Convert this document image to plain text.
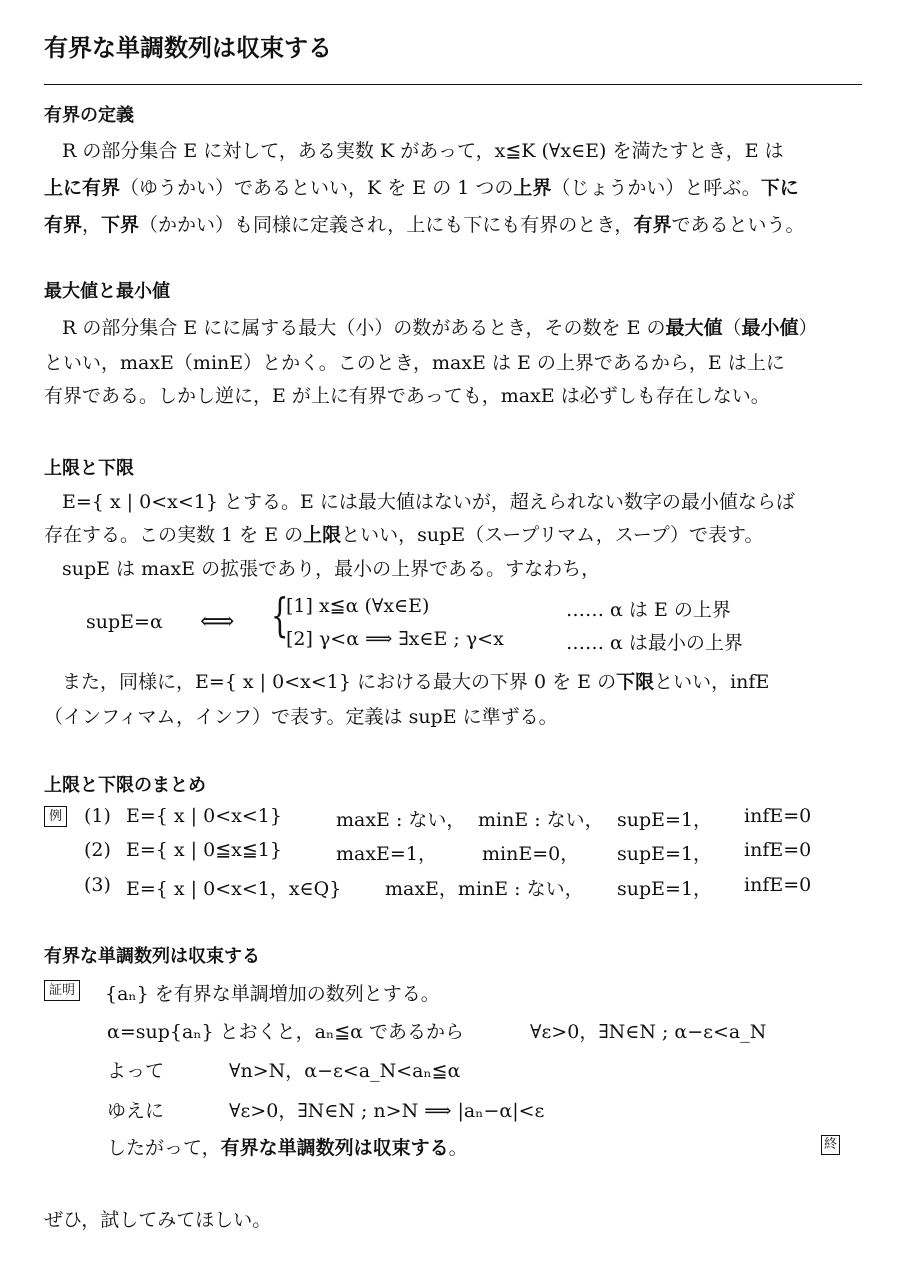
有界な単調数列は収束する
有界の定義
R の部分集合 E に対して，ある実数 K があって，x≦K (∀x∈E) を満たすとき，E は
上に有界（ゆうかい）であるといい，K を E の 1 つの上界（じょうかい）と呼ぶ。下に
有界，下界（かかい）も同様に定義され，上にも下にも有界のとき，有界であるという。
最大値と最小値
R の部分集合 E にに属する最大（小）の数があるとき，その数を E の最大値（最小値）
といい，maxE（minE）とかく。このとき，maxE は E の上界であるから，E は上に
有界である。しかし逆に，E が上に有界であっても，maxE は必ずしも存在しない。
上限と下限
E={ x | 0<x<1} とする。E には最大値はないが，超えられない数字の最小値ならば
存在する。この実数 1 を E の上限といい，supE（スープリマム，スープ）で表す。
supE は maxE の拡張であり，最小の上界である。すなわち，
supE=α ⟺ {
[1] x≦α (∀x∈E)	…… α は E の上界
[2] γ<α ⟹ ∃x∈E ; γ<x	…… α は最小の上界
また，同様に，E={ x | 0<x<1} における最大の下界 0 を E の下限といい，infE
（インフィマム，インフ）で表す。定義は supE に準ずる。
上限と下限のまとめ
例 (1) E={ x | 0<x<1}	maxE : ない， minE : ない， supE=1， infE=0
(2) E={ x | 0≦x≦1}	maxE=1， minE=0， supE=1， infE=0
(3) E={ x | 0<x<1，x∈Q} maxE，minE : ない， supE=1， infE=0
有界な単調数列は収束する
証明 {aₙ} を有界な単調増加の数列とする。
α=sup{aₙ} とおくと，aₙ≦α であるから	∀ε>0，∃N∈N ; α−ε<a_N
よって	∀n>N，α−ε<a_N<aₙ≦α
ゆえに	∀ε>0，∃N∈N ; n>N ⟹ |aₙ−α|<ε
したがって，有界な単調数列は収束する。	終
ぜひ，試してみてほしい。
